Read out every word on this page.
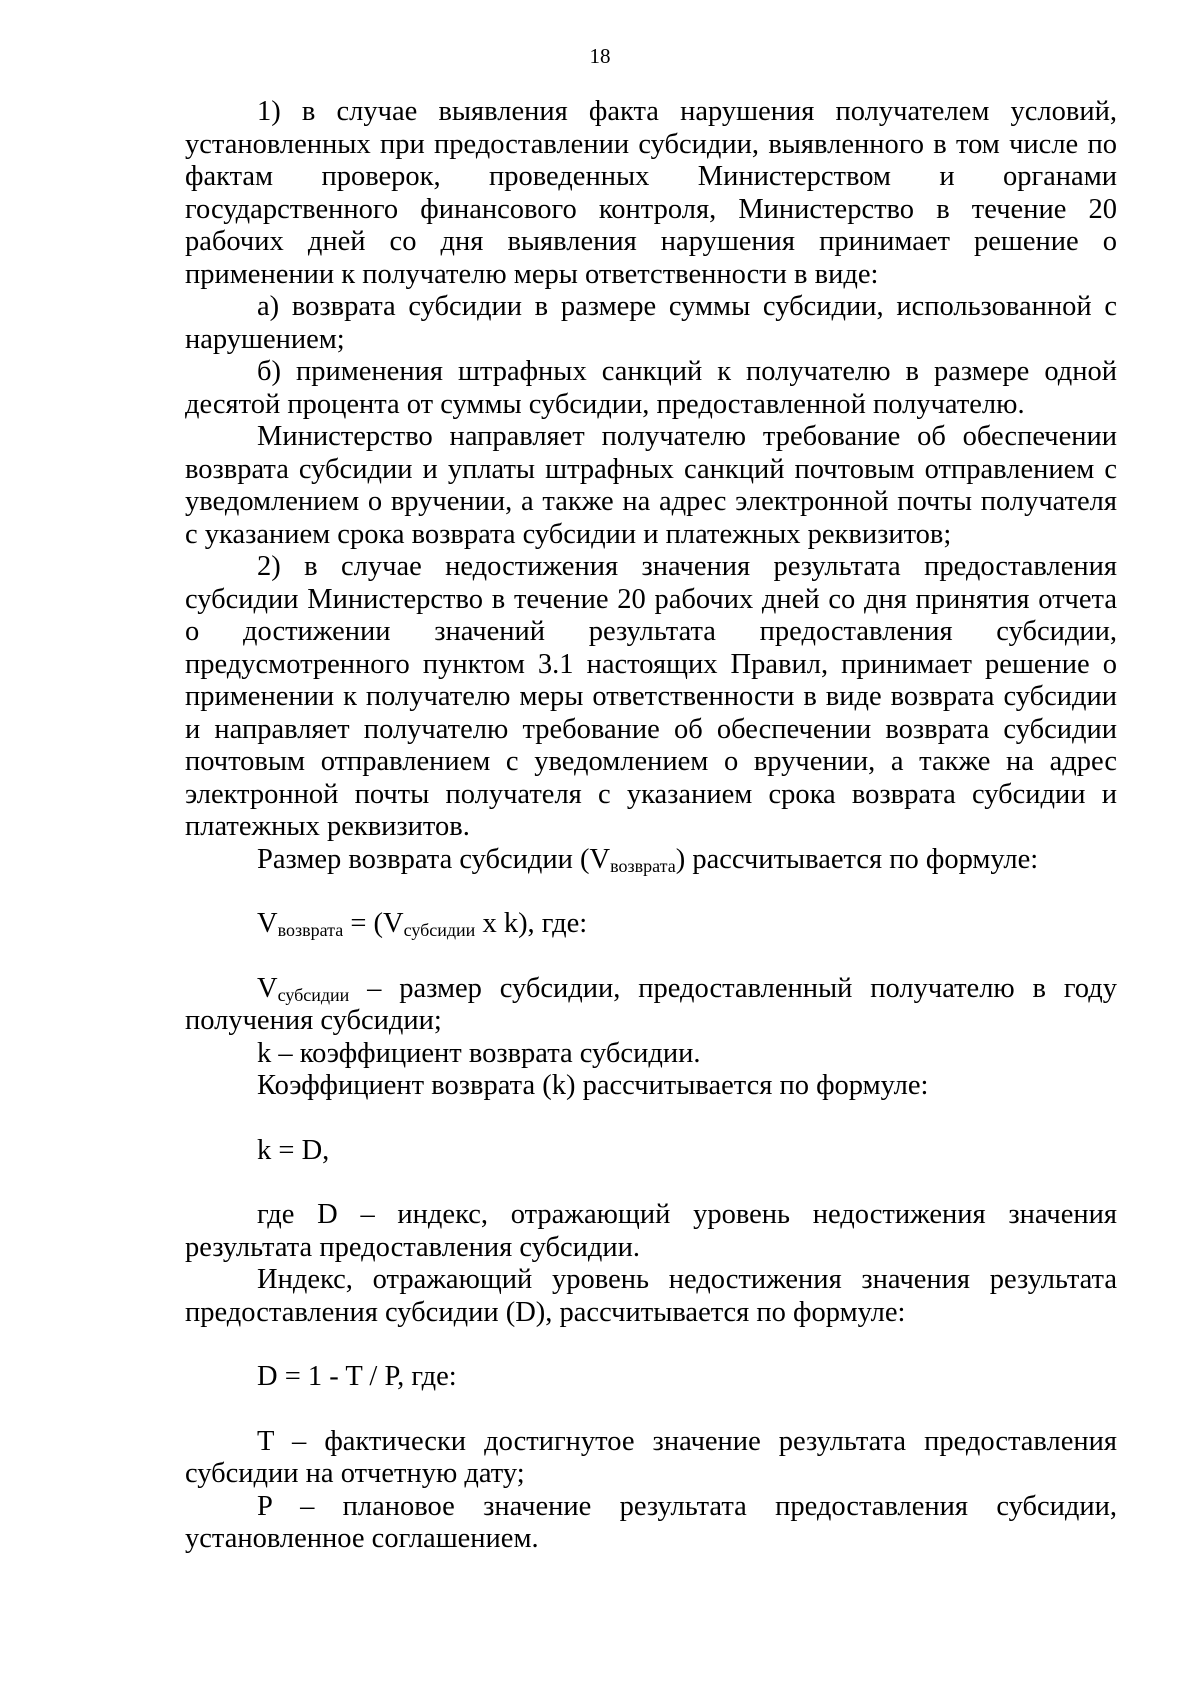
18

1) в случае выявления факта нарушения получателем условий, установленных при предоставлении субсидии, выявленного в том числе по фактам проверок, проведенных Министерством и органами государственного финансового контроля, Министерство в течение 20 рабочих дней со дня выявления нарушения принимает решение о применении к получателю меры ответственности в виде:

а) возврата субсидии в размере суммы субсидии, использованной с нарушением;

б) применения штрафных санкций к получателю в размере одной десятой процента от суммы субсидии, предоставленной получателю.

Министерство направляет получателю требование об обеспечении возврата субсидии и уплаты штрафных санкций почтовым отправлением с уведомлением о вручении, а также на адрес электронной почты получателя с указанием срока возврата субсидии и платежных реквизитов;

2) в случае недостижения значения результата предоставления субсидии Министерство в течение 20 рабочих дней со дня принятия отчета о достижении значений результата предоставления субсидии, предусмотренного пунктом 3.1 настоящих Правил, принимает решение о применении к получателю меры ответственности в виде возврата субсидии и направляет получателю требование об обеспечении возврата субсидии почтовым отправлением с уведомлением о вручении, а также на адрес электронной почты получателя с указанием срока возврата субсидии и платежных реквизитов.

Размер возврата субсидии $(V_{возврата})$ рассчитывается по формуле:

$V_{возврата} = (V_{субсидии}$ x k), где:

$V_{субсидии}$ – размер субсидии, предоставленный получателю в году получения субсидии;

k – коэффициент возврата субсидии.

Коэффициент возврата (k) рассчитывается по формуле:

k = D,

где D – индекс, отражающий уровень недостижения значения результата предоставления субсидии.

Индекс, отражающий уровень недостижения значения результата предоставления субсидии (D), рассчитывается по формуле:

D = 1 - T / P, где:

T – фактически достигнутое значение результата предоставления субсидии на отчетную дату;

P – плановое значение результата предоставления субсидии, установленное соглашением.
